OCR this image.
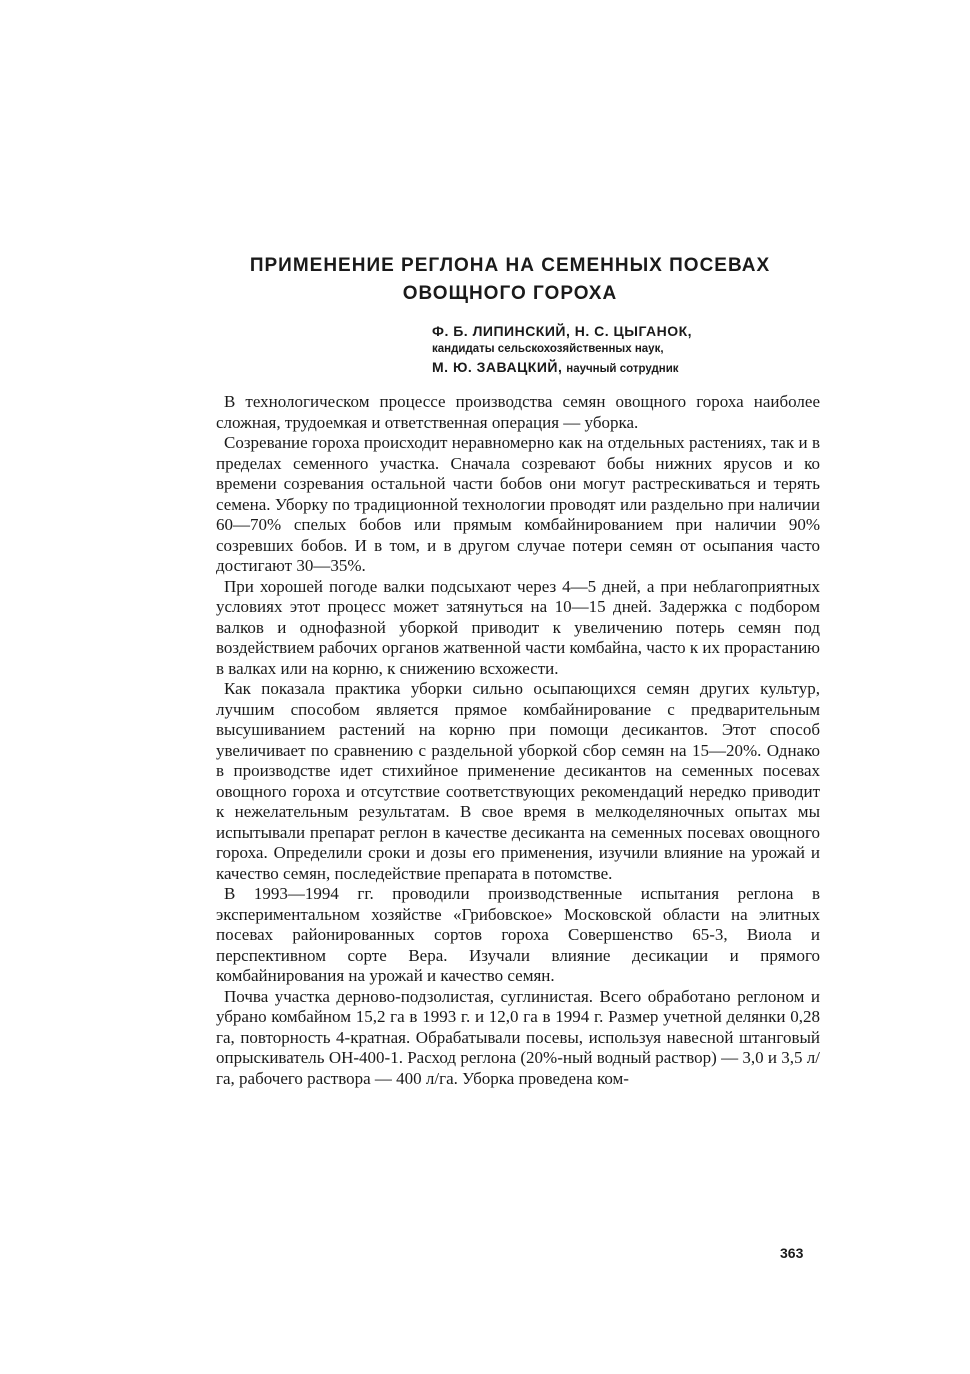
ПРИМЕНЕНИЕ РЕГЛОНА НА СЕМЕННЫХ ПОСЕВАХ
ОВОЩНОГО ГОРОХА
Ф. Б. ЛИПИНСКИЙ, Н. С. ЦЫГАНОК,
кандидаты сельскохозяйственных наук,
М. Ю. ЗАВАЦКИЙ, научный сотрудник

В технологическом процессе производства семян овощного гороха наиболее сложная, трудоемкая и ответственная операция — уборка.

Созревание гороха происходит неравномерно как на отдельных растениях, так и в пределах семенного участка. Сначала созревают бобы нижних ярусов и ко времени созревания остальной части бобов они могут растрескиваться и терять семена. Уборку по традиционной технологии проводят или раздельно при наличии 60—70% спелых бобов или прямым комбайнированием при наличии 90% созревших бобов. И в том, и в другом случае потери семян от осыпания часто достигают 30—35%.

При хорошей погоде валки подсыхают через 4—5 дней, а при неблагоприятных условиях этот процесс может затянуться на 10—15 дней. Задержка с подбором валков и однофазной уборкой приводит к увеличению потерь семян под воздействием рабочих органов жатвенной части комбайна, часто к их прорастанию в валках или на корню, к снижению всхожести.

Как показала практика уборки сильно осыпающихся семян других культур, лучшим способом является прямое комбайнирование с предварительным высушиванием растений на корню при помощи десикантов. Этот способ увеличивает по сравнению с раздельной уборкой сбор семян на 15—20%. Однако в производстве идет стихийное применение десикантов на семенных посевах овощного гороха и отсутствие соответствующих рекомендаций нередко приводит к нежелательным результатам. В свое время в мелкоделяночных опытах мы испытывали препарат реглон в качестве десиканта на семенных посевах овощного гороха. Определили сроки и дозы его применения, изучили влияние на урожай и качество семян, последействие препарата в потомстве.

В 1993—1994 гг. проводили производственные испытания реглона в экспериментальном хозяйстве «Грибовское» Московской области на элитных посевах районированных сортов гороха Совершенство 65-3, Виола и перспективном сорте Вера. Изучали влияние десикации и прямого комбайнирования на урожай и качество семян.

Почва участка дерново-подзолистая, суглинистая. Всего обработано реглоном и убрано комбайном 15,2 га в 1993 г. и 12,0 га в 1994 г. Размер учетной делянки 0,28 га, повторность 4-кратная. Обрабатывали посевы, используя навесной штанговый опрыскиватель ОН-400-1. Расход реглона (20%-ный водный раствор) — 3,0 и 3,5 л/га, рабочего раствора — 400 л/га. Уборка проведена ком-

363
